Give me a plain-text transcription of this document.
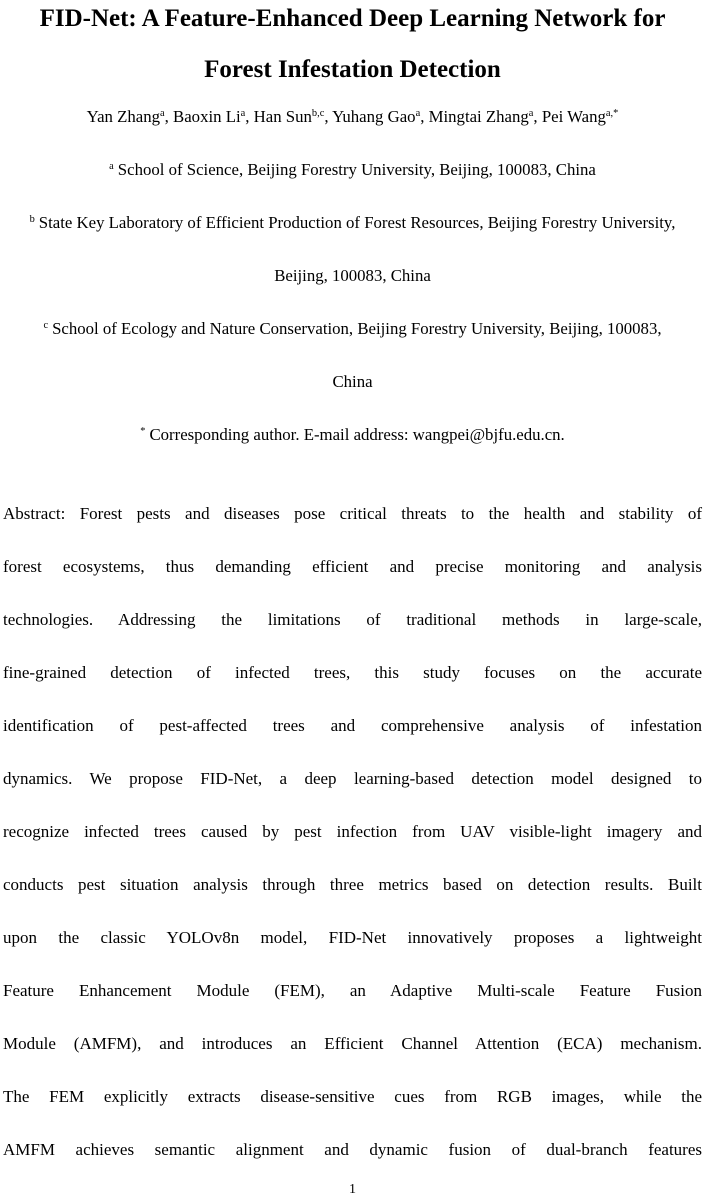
FID-Net: A Feature-Enhanced Deep Learning Network for
Forest Infestation Detection
Yan Zhang$^a$, Baoxin Li$^a$, Han Sun$^{b,c}$, Yuhang Gao$^a$, Mingtai Zhang$^a$, Pei Wang$^{a,*}$
$^a$ School of Science, Beijing Forestry University, Beijing, 100083, China
$^b$ State Key Laboratory of Efficient Production of Forest Resources, Beijing Forestry University,
Beijing, 100083, China
$^c$ School of Ecology and Nature Conservation, Beijing Forestry University, Beijing, 100083,
China
* Corresponding author. E-mail address: wangpei@bjfu.edu.cn.
Abstract: Forest pests and diseases pose critical threats to the health and stability of
forest ecosystems, thus demanding efficient and precise monitoring and analysis
technologies. Addressing the limitations of traditional methods in large-scale,
fine-grained detection of infected trees, this study focuses on the accurate
identification of pest-affected trees and comprehensive analysis of infestation
dynamics. We propose FID-Net, a deep learning-based detection model designed to
recognize infected trees caused by pest infection from UAV visible-light imagery and
conducts pest situation analysis through three metrics based on detection results. Built
upon the classic YOLOv8n model, FID-Net innovatively proposes a lightweight
Feature Enhancement Module (FEM), an Adaptive Multi-scale Feature Fusion
Module (AMFM), and introduces an Efficient Channel Attention (ECA) mechanism.
The FEM explicitly extracts disease-sensitive cues from RGB images, while the
AMFM achieves semantic alignment and dynamic fusion of dual-branch features
1
